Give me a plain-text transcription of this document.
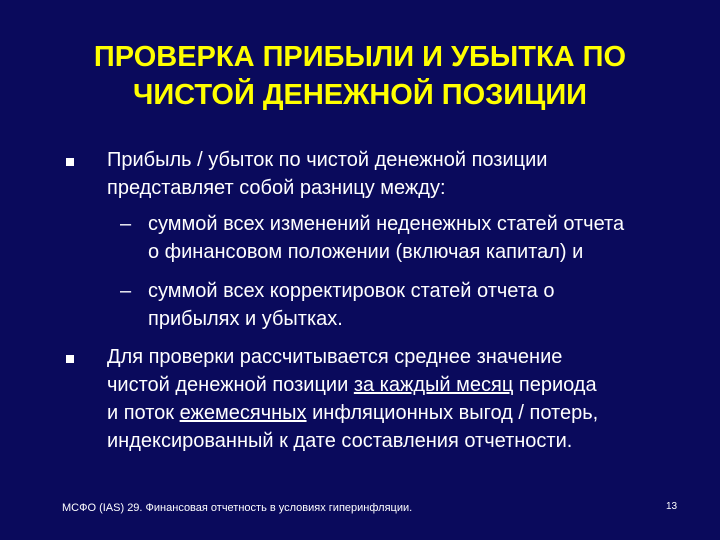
ПРОВЕРКА ПРИБЫЛИ И УБЫТКА ПО
ЧИСТОЙ ДЕНЕЖНОЙ ПОЗИЦИИ
Прибыль / убыток по чистой денежной позиции
представляет собой разницу между:
– суммой всех изменений неденежных статей отчета
о финансовом положении (включая капитал) и
– суммой всех корректировок статей отчета о
прибылях и убытках.
Для проверки рассчитывается среднее значение
чистой денежной позиции за каждый месяц периода
и поток ежемесячных инфляционных выгод / потерь,
индексированный к дате составления отчетности.
МСФО (IAS) 29. Финансовая отчетность в условиях гиперинфляции.	13
